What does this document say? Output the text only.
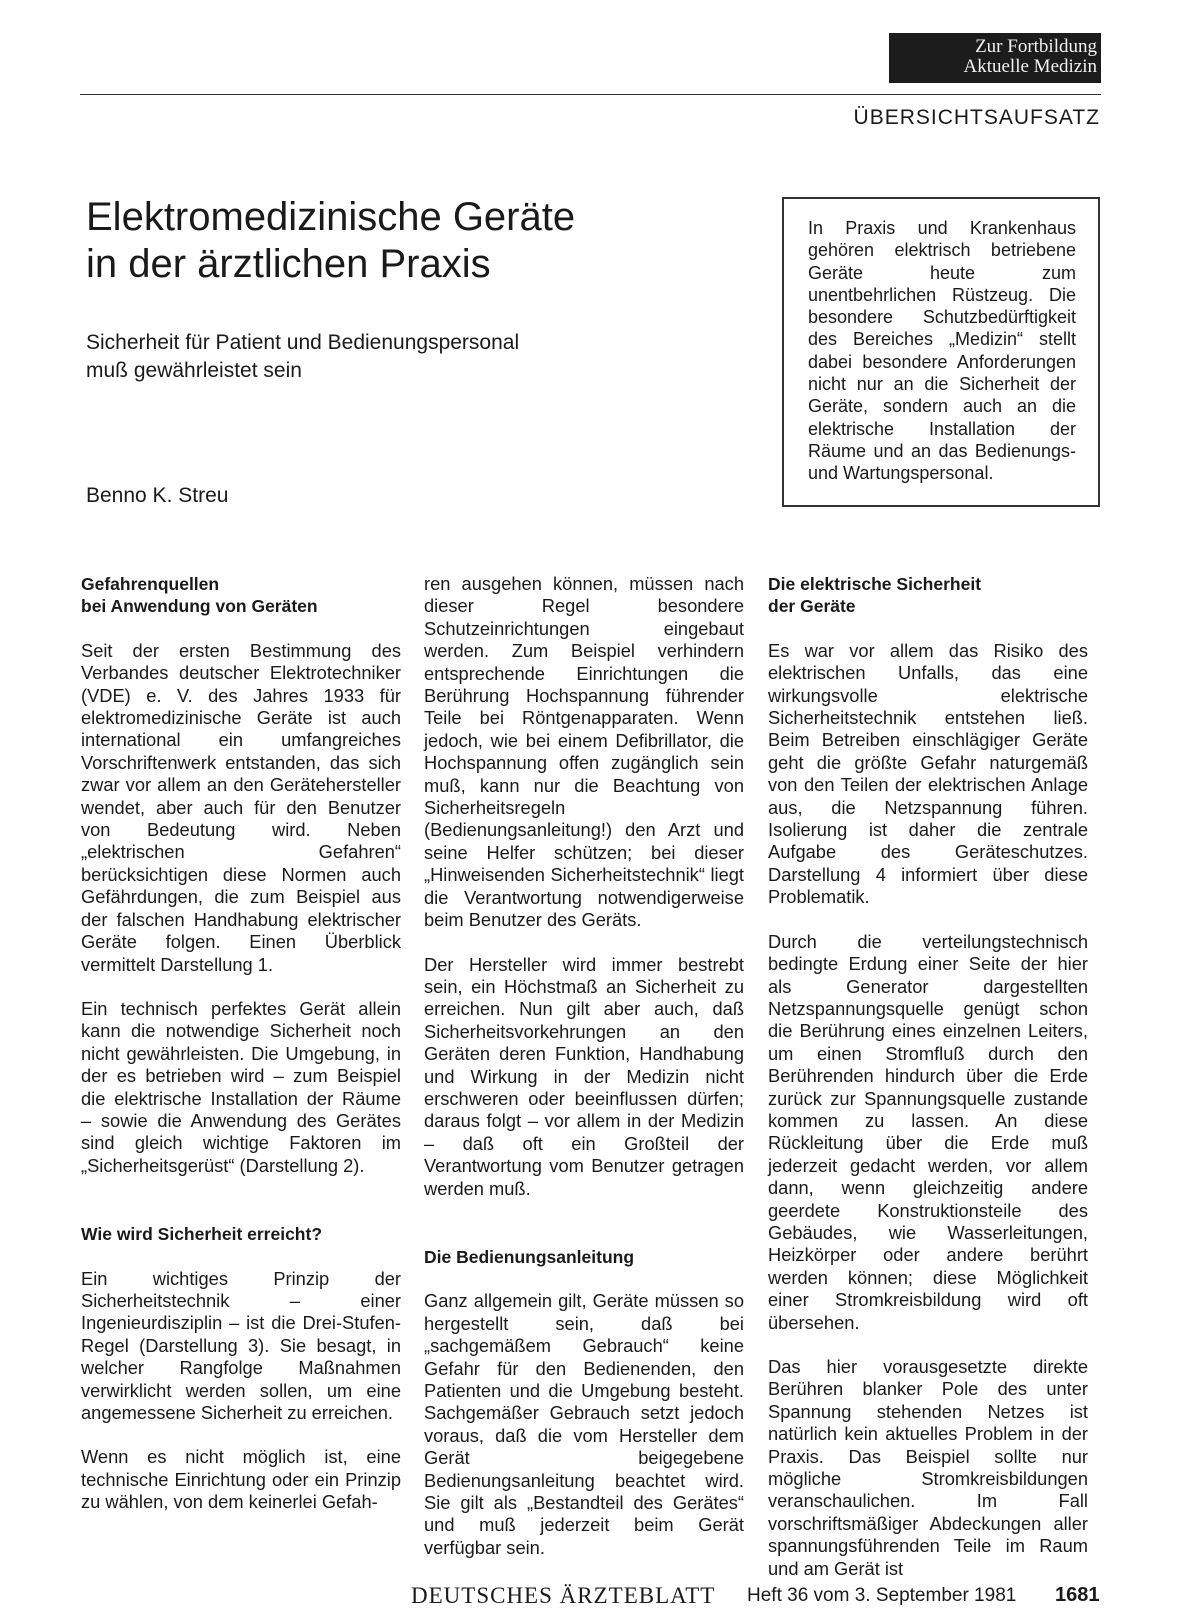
Zur Fortbildung
Aktuelle Medizin
ÜBERSICHTSAUFSATZ
Elektromedizinische Geräte
in der ärztlichen Praxis
Sicherheit für Patient und Bedienungspersonal
muß gewährleistet sein
Benno K. Streu
In Praxis und Krankenhaus gehören elektrisch betriebene Geräte heute zum unentbehrlichen Rüstzeug. Die besondere Schutzbedürftigkeit des Bereiches „Medizin“ stellt dabei besondere Anforderungen nicht nur an die Sicherheit der Geräte, sondern auch an die elektrische Installation der Räume und an das Bedienungs- und Wartungspersonal.
Gefahrenquellen
bei Anwendung von Geräten

Seit der ersten Bestimmung des Verbandes deutscher Elektrotechniker (VDE) e. V. des Jahres 1933 für elektromedizinische Geräte ist auch international ein umfangreiches Vorschriftenwerk entstanden, das sich zwar vor allem an den Gerätehersteller wendet, aber auch für den Benutzer von Bedeutung wird. Neben „elektrischen Gefahren“ berücksichtigen diese Normen auch Gefährdungen, die zum Beispiel aus der falschen Handhabung elektrischer Geräte folgen. Einen Überblick vermittelt Darstellung 1.

Ein technisch perfektes Gerät allein kann die notwendige Sicherheit noch nicht gewährleisten. Die Umgebung, in der es betrieben wird – zum Beispiel die elektrische Installation der Räume – sowie die Anwendung des Gerätes sind gleich wichtige Faktoren im „Sicherheitsgerüst“ (Darstellung 2).

Wie wird Sicherheit erreicht?

Ein wichtiges Prinzip der Sicherheitstechnik – einer Ingenieurdisziplin – ist die Drei-Stufen-Regel (Darstellung 3). Sie besagt, in welcher Rangfolge Maßnahmen verwirklicht werden sollen, um eine angemessene Sicherheit zu erreichen.

Wenn es nicht möglich ist, eine technische Einrichtung oder ein Prinzip zu wählen, von dem keinerlei Gefah-

ren ausgehen können, müssen nach dieser Regel besondere Schutzeinrichtungen eingebaut werden. Zum Beispiel verhindern entsprechende Einrichtungen die Berührung Hochspannung führender Teile bei Röntgenapparaten. Wenn jedoch, wie bei einem Defibrillator, die Hochspannung offen zugänglich sein muß, kann nur die Beachtung von Sicherheitsregeln (Bedienungsanleitung!) den Arzt und seine Helfer schützen; bei dieser „Hinweisenden Sicherheitstechnik“ liegt die Verantwortung notwendigerweise beim Benutzer des Geräts.

Der Hersteller wird immer bestrebt sein, ein Höchstmaß an Sicherheit zu erreichen. Nun gilt aber auch, daß Sicherheitsvorkehrungen an den Geräten deren Funktion, Handhabung und Wirkung in der Medizin nicht erschweren oder beeinflussen dürfen; daraus folgt – vor allem in der Medizin – daß oft ein Großteil der Verantwortung vom Benutzer getragen werden muß.

Die Bedienungsanleitung

Ganz allgemein gilt, Geräte müssen so hergestellt sein, daß bei „sachgemäßem Gebrauch“ keine Gefahr für den Bedienenden, den Patienten und die Umgebung besteht. Sachgemäßer Gebrauch setzt jedoch voraus, daß die vom Hersteller dem Gerät beigegebene Bedienungsanleitung beachtet wird. Sie gilt als „Bestandteil des Gerätes“ und muß jederzeit beim Gerät verfügbar sein.

Die elektrische Sicherheit
der Geräte

Es war vor allem das Risiko des elektrischen Unfalls, das eine wirkungsvolle elektrische Sicherheitstechnik entstehen ließ. Beim Betreiben einschlägiger Geräte geht die größte Gefahr naturgemäß von den Teilen der elektrischen Anlage aus, die Netzspannung führen. Isolierung ist daher die zentrale Aufgabe des Geräteschutzes. Darstellung 4 informiert über diese Problematik.

Durch die verteilungstechnisch bedingte Erdung einer Seite der hier als Generator dargestellten Netzspannungsquelle genügt schon die Berührung eines einzelnen Leiters, um einen Stromfluß durch den Berührenden hindurch über die Erde zurück zur Spannungsquelle zustande kommen zu lassen. An diese Rückleitung über die Erde muß jederzeit gedacht werden, vor allem dann, wenn gleichzeitig andere geerdete Konstruktionsteile des Gebäudes, wie Wasserleitungen, Heizkörper oder andere berührt werden können; diese Möglichkeit einer Stromkreisbildung wird oft übersehen.

Das hier vorausgesetzte direkte Berühren blanker Pole des unter Spannung stehenden Netzes ist natürlich kein aktuelles Problem in der Praxis. Das Beispiel sollte nur mögliche Stromkreisbildungen veranschaulichen. Im Fall vorschriftsmäßiger Abdeckungen aller spannungsführenden Teile im Raum und am Gerät ist

DEUTSCHES ÄRZTEBLATT Heft 36 vom 3. September 1981 1681
